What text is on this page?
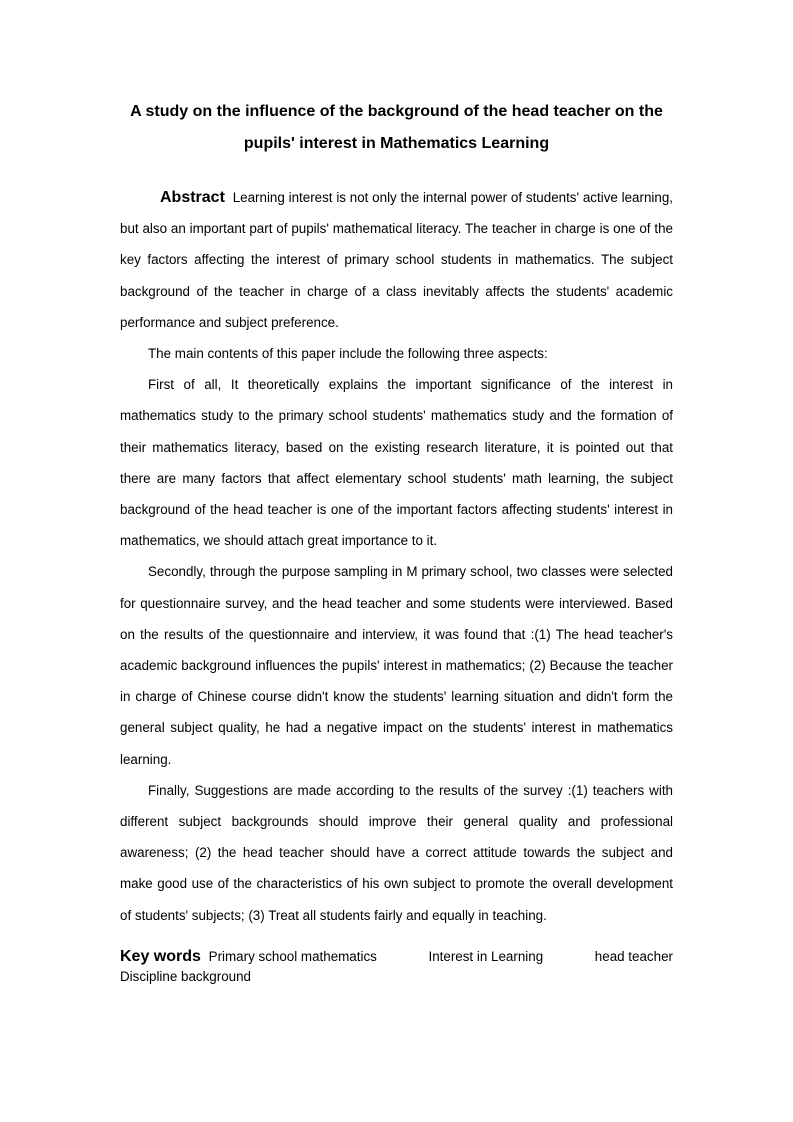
A study on the influence of the background of the head teacher on the
pupils' interest in Mathematics Learning

Abstract Learning interest is not only the internal power of students' active learning, but also an important part of pupils' mathematical literacy. The teacher in charge is one of the key factors affecting the interest of primary school students in mathematics. The subject background of the teacher in charge of a class inevitably affects the students' academic performance and subject preference.

The main contents of this paper include the following three aspects:

First of all, It theoretically explains the important significance of the interest in mathematics study to the primary school students' mathematics study and the formation of their mathematics literacy, based on the existing research literature, it is pointed out that there are many factors that affect elementary school students' math learning, the subject background of the head teacher is one of the important factors affecting students' interest in mathematics, we should attach great importance to it.

Secondly, through the purpose sampling in M primary school, two classes were selected for questionnaire survey, and the head teacher and some students were interviewed. Based on the results of the questionnaire and interview, it was found that :(1) The head teacher's academic background influences the pupils' interest in mathematics; (2) Because the teacher in charge of Chinese course didn't know the students' learning situation and didn't form the general subject quality, he had a negative impact on the students' interest in mathematics learning.

Finally, Suggestions are made according to the results of the survey :(1) teachers with different subject backgrounds should improve their general quality and professional awareness; (2) the head teacher should have a correct attitude towards the subject and make good use of the characteristics of his own subject to promote the overall development of students' subjects; (3) Treat all students fairly and equally in teaching.

Key words Primary school mathematics	Interest in Learning	head teacher
Discipline background
